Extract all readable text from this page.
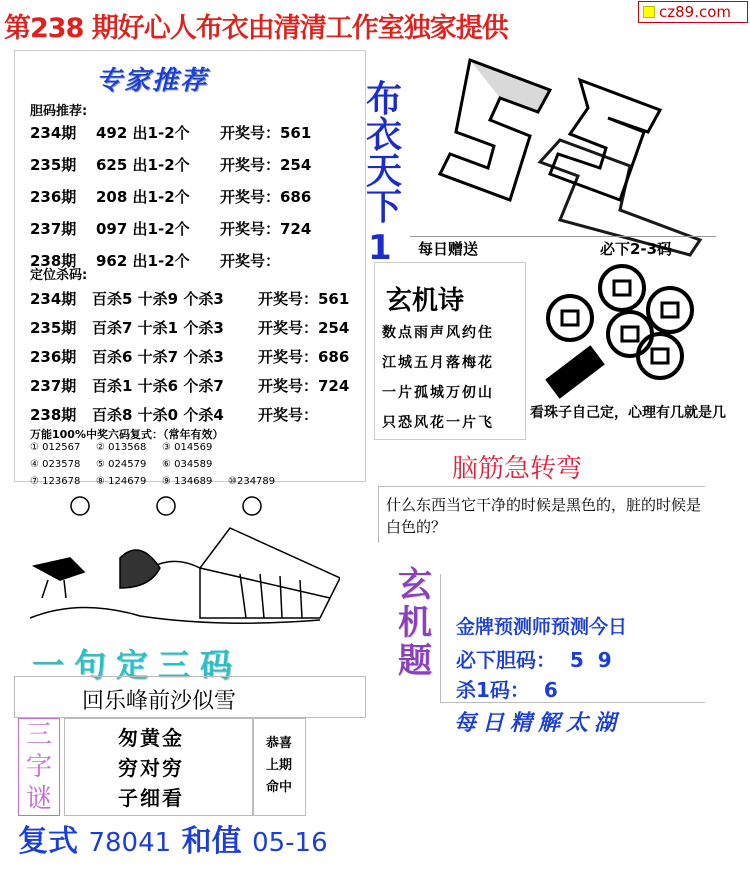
第238 期好心人布衣由清清工作室独家提供
cz89.com
专家推荐
胆码推荐:
234期 492 出1-2个 开奖号：561
235期 625 出1-2个 开奖号：254
236期 208 出1-2个 开奖号：686
237期 097 出1-2个 开奖号：724
238期 962 出1-2个 开奖号：
定位杀码:
234期 百杀5 十杀9 个杀3 开奖号：561
235期 百杀7 十杀1 个杀3 开奖号：254
236期 百杀6 十杀7 个杀3 开奖号：686
237期 百杀1 十杀6 个杀7 开奖号：724
238期 百杀8 十杀0 个杀4 开奖号：
万能100%中奖六码复式：（常年有效）
① 012567 ② 013568 ③ 014569
④ 023578 ⑤ 024579 ⑥ 034589
⑦ 123678 ⑧ 124679 ⑨ 134689 ⑩234789
布
衣
天
下
1 每日赠送	必下2-3码
玄机诗
数点雨声风约住
江城五月落梅花
一片孤城万仞山
只恐风花一片飞
看珠子自己定，心理有几就是几
脑筋急转弯
什么东西当它干净的时候是黑色的，脏的时候是白色的？
玄
机
题
金牌预测师预测今日
必下胆码：  5  9
杀1码：  6
每日精解太湖
一句定三码
回乐峰前沙似雪
三
字
谜
匆黄金
穷对穷
子细看
恭喜
上期
命中
复式 78041 和值 05-16
